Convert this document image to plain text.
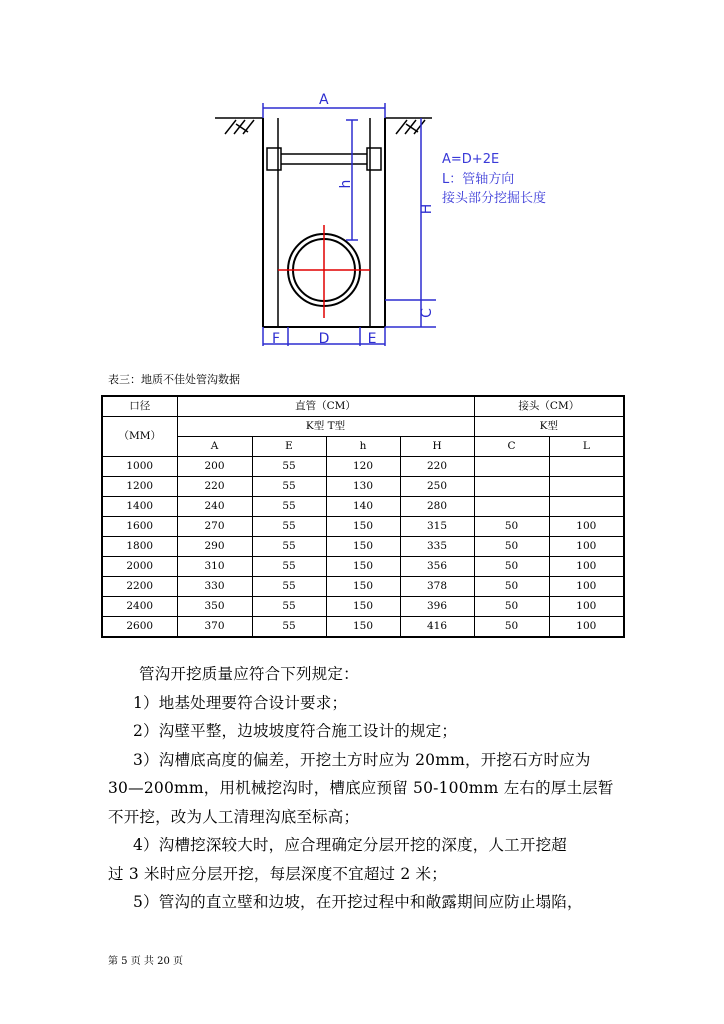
A
h
H
C
F	D	E
A=D+2E
L：管轴方向
接头部分挖掘长度
表三：地质不佳处管沟数据
口径	直管（CM）				接头（CM）	
（MM）	K型 T型				K型	
	A	E	h	H	C	L
1000	200	55	120	220		
1200	220	55	130	250		
1400	240	55	140	280		
1600	270	55	150	315	50	100
1800	290	55	150	335	50	100
2000	310	55	150	356	50	100
2200	330	55	150	378	50	100
2400	350	55	150	396	50	100
2600	370	55	150	416	50	100

管沟开挖质量应符合下列规定：

1）地基处理要符合设计要求；

2）沟壁平整，边坡坡度符合施工设计的规定；

3）沟槽底高度的偏差，开挖土方时应为 20mm，开挖石方时应为

30—200mm，用机械挖沟时，槽底应预留 50-100mm 左右的厚土层暂

不开挖，改为人工清理沟底至标高；

4）沟槽挖深较大时，应合理确定分层开挖的深度，人工开挖超

过 3 米时应分层开挖，每层深度不宜超过 2 米；

5）管沟的直立壁和边坡，在开挖过程中和敞露期间应防止塌陷，

第 5 页 共 20 页
